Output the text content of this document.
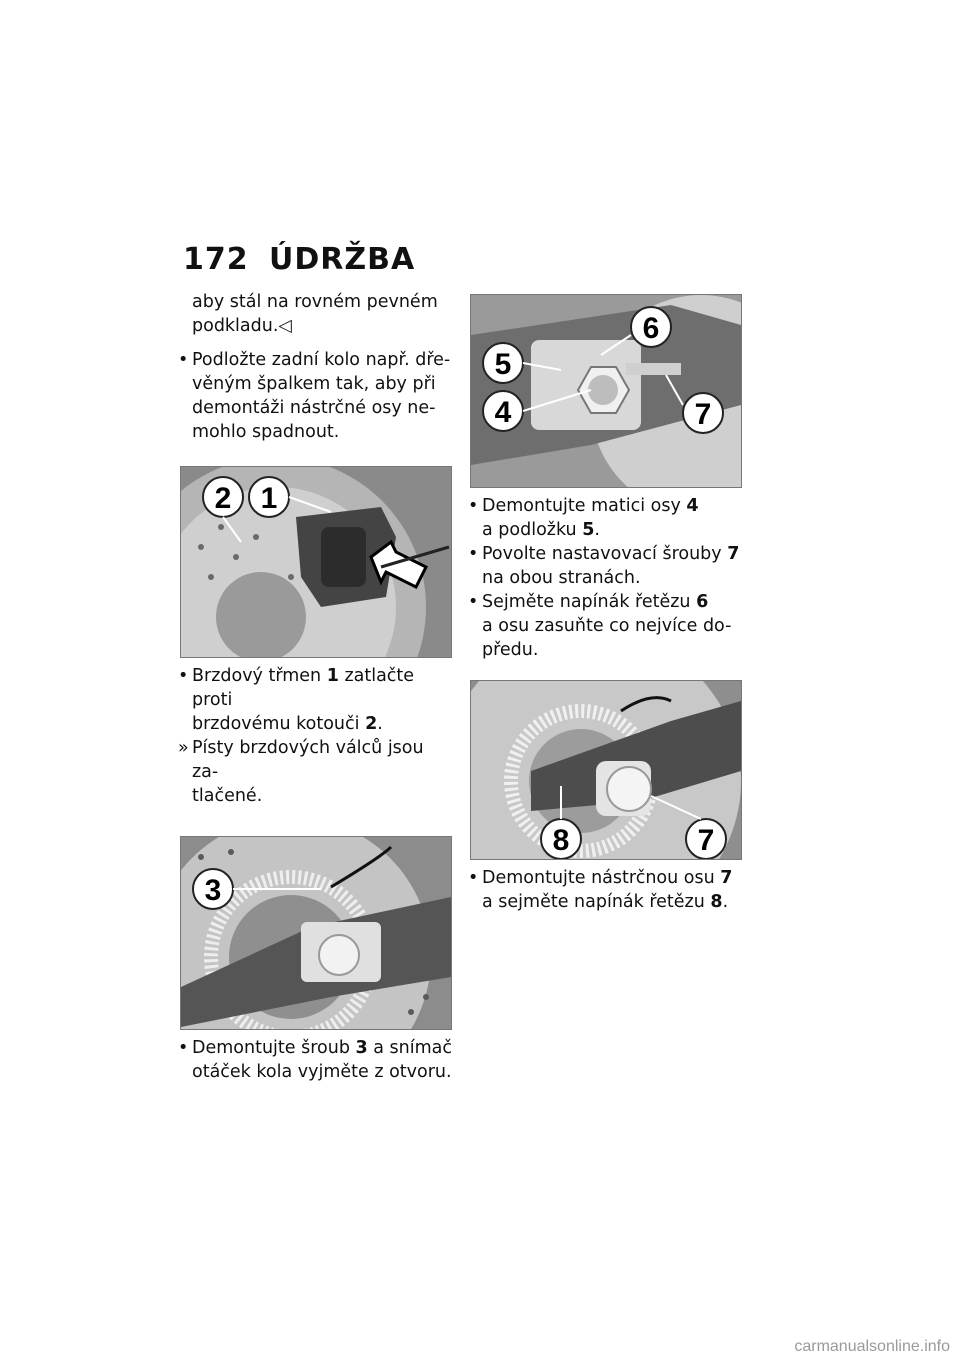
172 ÚDRŽBA

aby stál na rovném pevném
podkladu.◁

• Podložte zadní kolo např. dře-
věným špalkem tak, aby při
demontáži nástrčné osy ne-
mohlo spadnout.

2 1

• Brzdový třmen 1 zatlačte proti
brzdovému kotouči 2.

» Písty brzdových válců jsou za-
tlačené.

3

• Demontujte šroub 3 a snímač
otáček kola vyjměte z otvoru.

6
5
4	7

• Demontujte matici osy 4
a podložku 5.

• Povolte nastavovací šrouby 7
na obou stranách.

• Sejměte napínák řetězu 6
a osu zasuňte co nejvíce do-
předu.

8	7

• Demontujte nástrčnou osu 7
a sejměte napínák řetězu 8.

carmanualsonline.info
